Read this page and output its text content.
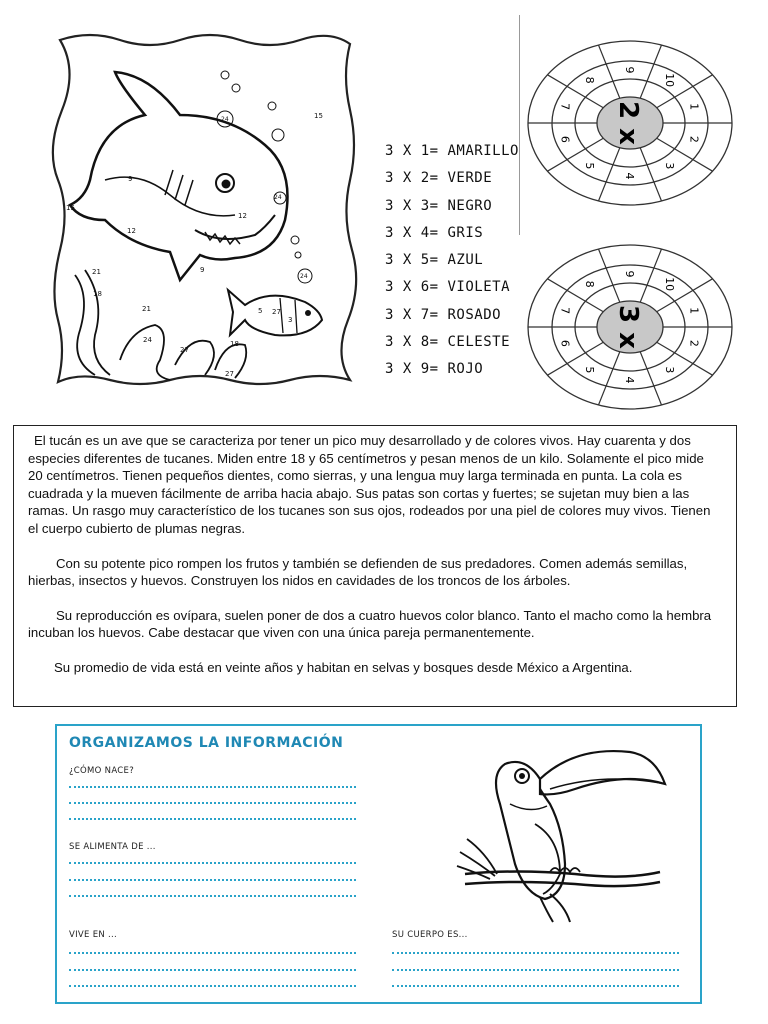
9
12
15
15
21
24
24
24
12
9
5 27
3
18
21
24
27
18
27
3 X 1= AMARILLO
3 X 2= VERDE
3 X 3= NEGRO
3 X 4= GRIS
3 X 5= AZUL
3 X 6= VIOLETA
3 X 7= ROSADO
3 X 8= CELESTE
3 X 9= ROJO
2 x
9
10
1
2
3
4
5
6
7
8
3 x
9
10
1
2
3
4
5
6
7
8

El tucán es un ave que se caracteriza por tener un pico muy desarrollado y de colores vivos. Hay cuarenta y dos especies diferentes de tucanes. Miden entre 18 y 65 centímetros y pesan menos de un kilo. Solamente el pico mide 20 centímetros. Tienen pequeños dientes, como sierras, y una lengua muy larga terminada en punta. La cola es cuadrada y la mueven fácilmente de arriba hacia abajo. Sus patas son cortas y fuertes; se sujetan muy bien a las ramas. Un rasgo muy característico de los tucanes son sus ojos, rodeados por una piel de colores muy vivos. Tienen el cuerpo cubierto de plumas negras.

Con su potente pico rompen los frutos y también se defienden de sus predadores. Comen además semillas, hierbas, insectos y huevos. Construyen los nidos en cavidades de los troncos de los árboles.

Su reproducción es ovípara, suelen poner de dos a cuatro huevos color blanco. Tanto el macho como la hembra incuban los huevos. Cabe destacar que viven con una única pareja permanentemente.

Su promedio de vida está en veinte años y habitan en selvas y bosques desde México a Argentina.

ORGANIZAMOS LA INFORMACIÓN
¿CÓMO NACE?
SE ALIMENTA DE ...
VIVE EN ...	SU CUERPO ES...
